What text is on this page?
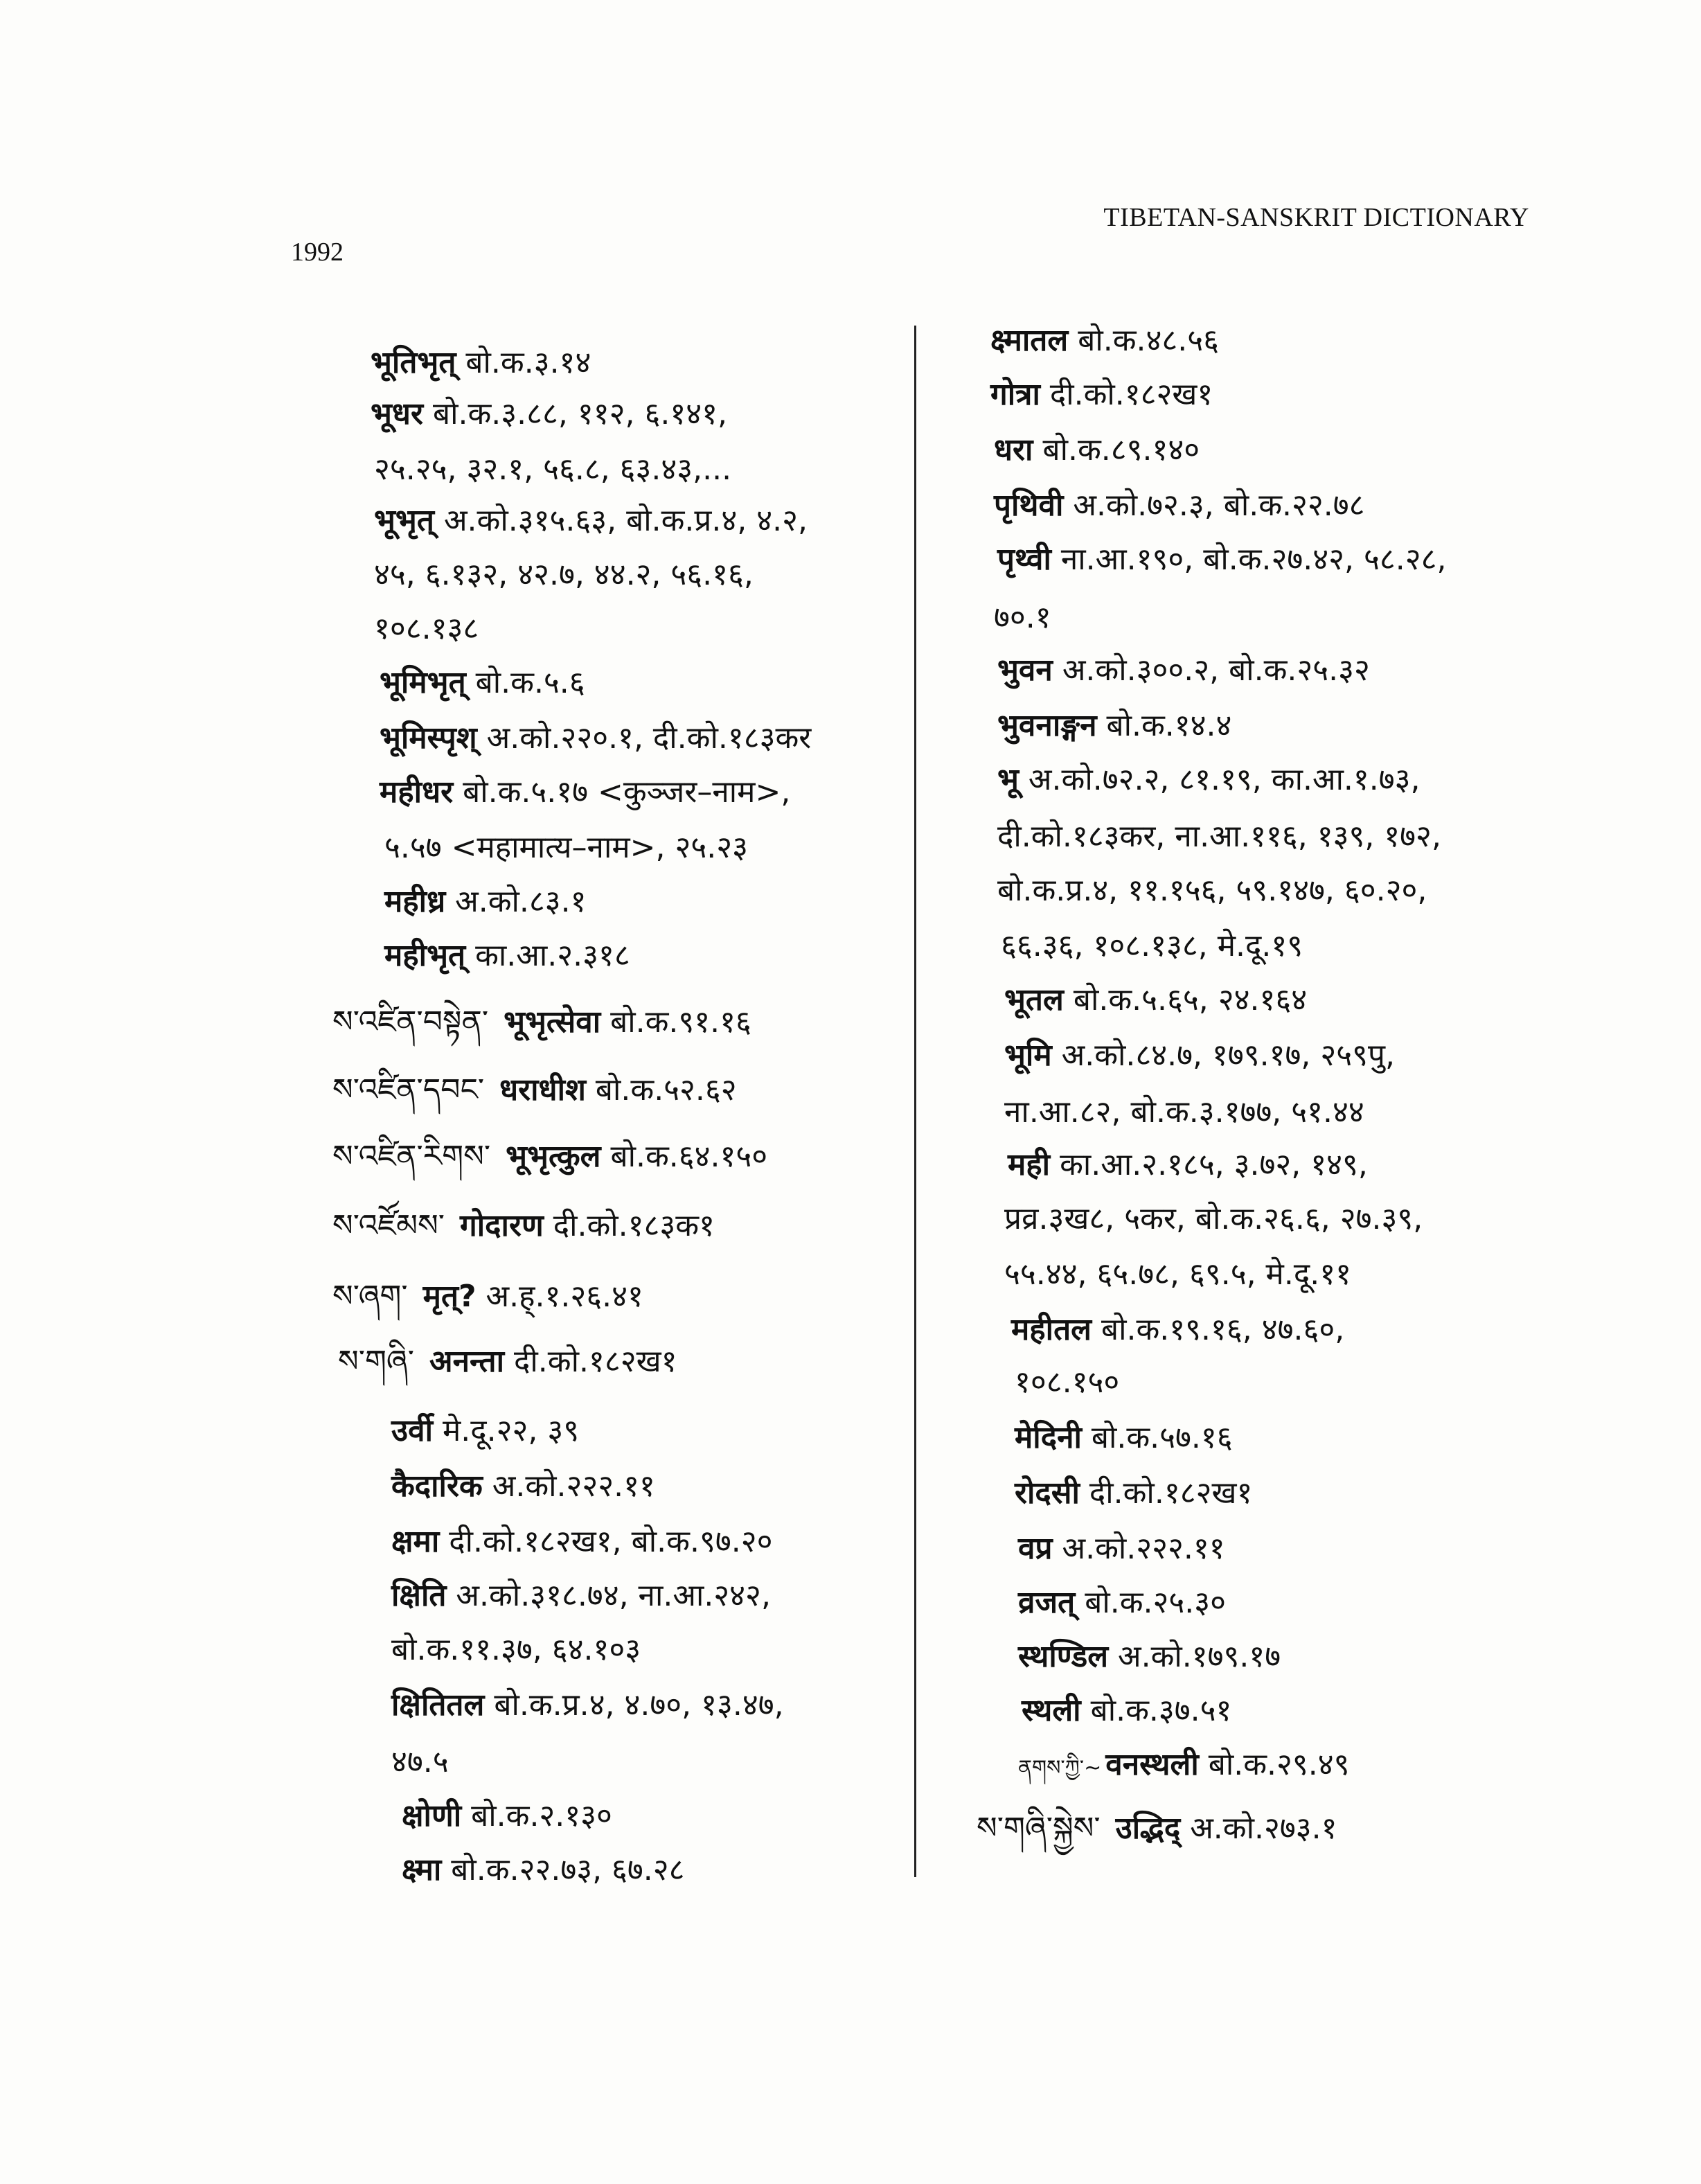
1992
TIBETAN-SANSKRIT DICTIONARY
भूतिभृत् बो.क.३.१४
भूधर बो.क.३.८८, ११२, ६.१४१,
२५.२५, ३२.१, ५६.८, ६३.४३,...
भूभृत् अ.को.३१५.६३, बो.क.प्र.४, ४.२,
४५, ६.१३२, ४२.७, ४४.२, ५६.१६,
१०८.१३८
भूमिभृत् बो.क.५.६
भूमिस्पृश् अ.को.२२०.१, दी.को.१८३कर
महीधर बो.क.५.१७ <कुञ्जर–नाम>,
५.५७ <महामात्य–नाम>, २५.२३
महीध्र अ.को.८३.१
महीभृत् का.आ.२.३१८
ས་འཛིན་བསྟེན་ भूभृत्सेवा बो.क.९१.१६
ས་འཛིན་དབང་ धराधीश बो.क.५२.६२
ས་འཛིན་རིགས་ भूभृत्कुल बो.क.६४.१५०
ས་འཛོམས་ गोदारण दी.को.१८३क१
ས་ཞག་ मृत्? अ.ह्.१.२६.४१
ས་གཞི་ अनन्ता दी.को.१८२ख१
उर्वी मे.दू.२२, ३९
कैदारिक अ.को.२२२.११
क्षमा दी.को.१८२ख१, बो.क.९७.२०
क्षिति अ.को.३१८.७४, ना.आ.२४२,
बो.क.११.३७, ६४.१०३
क्षितितल बो.क.प्र.४, ४.७०, १३.४७,
४७.५
क्षोणी बो.क.२.१३०
क्ष्मा बो.क.२२.७३, ६७.२८
क्ष्मातल बो.क.४८.५६
गोत्रा दी.को.१८२ख१
धरा बो.क.८९.१४०
पृथिवी अ.को.७२.३, बो.क.२२.७८
पृथ्वी ना.आ.१९०, बो.क.२७.४२, ५८.२८,
७०.१
भुवन अ.को.३००.२, बो.क.२५.३२
भुवनाङ्गन बो.क.१४.४
भू अ.को.७२.२, ८१.१९, का.आ.१.७३,
दी.को.१८३कर, ना.आ.११६, १३९, १७२,
बो.क.प्र.४, ११.१५६, ५९.१४७, ६०.२०,
६६.३६, १०८.१३८, मे.दू.१९
भूतल बो.क.५.६५, २४.१६४
भूमि अ.को.८४.७, १७९.१७, २५९पु,
ना.आ.८२, बो.क.३.१७७, ५१.४४
मही का.आ.२.१८५, ३.७२, १४९,
प्रव्र.३ख८, ५कर, बो.क.२६.६, २७.३९,
५५.४४, ६५.७८, ६९.५, मे.दू.११
महीतल बो.क.१९.१६, ४७.६०,
१०८.१५०
मेदिनी बो.क.५७.१६
रोदसी दी.को.१८२ख१
वप्र अ.को.२२२.११
व्रजत् बो.क.२५.३०
स्थण्डिल अ.को.१७९.१७
स्थली बो.क.३७.५१
ནགས་ཀྱི་~ वनस्थली बो.क.२९.४९
ས་གཞི་སྐྱེས་ उद्भिद् अ.को.२७३.१
